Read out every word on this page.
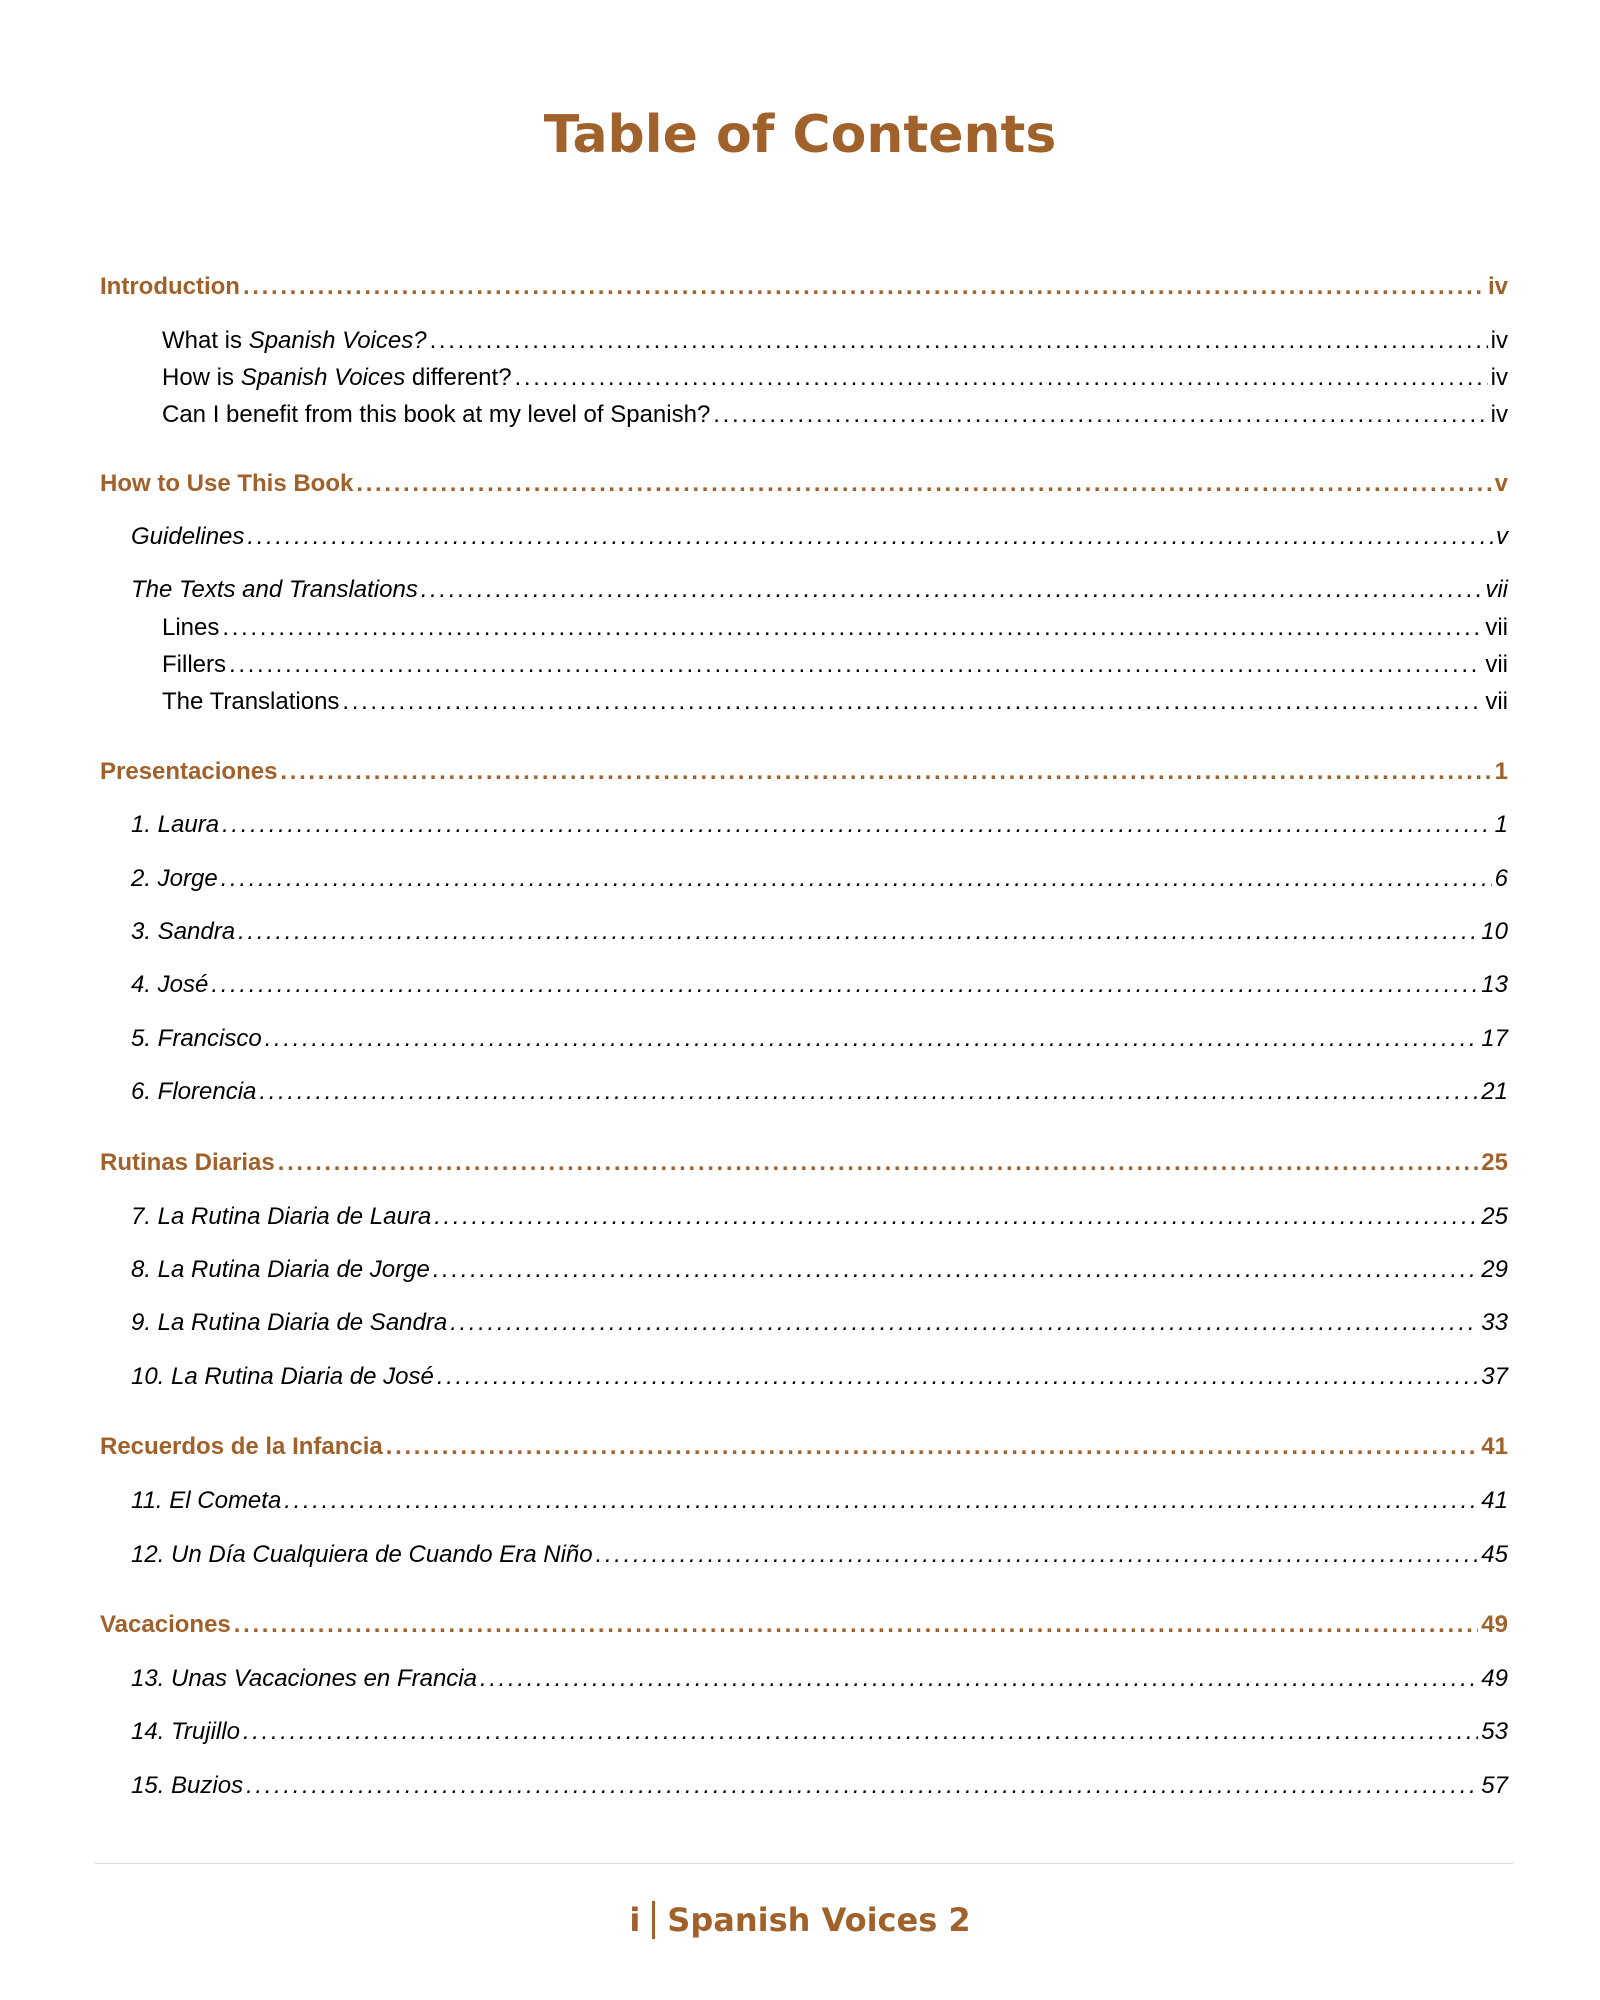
Table of Contents
Introduction . . .	iv
What is Spanish Voices? . . .	iv
How is Spanish Voices different? . . .	iv
Can I benefit from this book at my level of Spanish? . . .	iv
How to Use This Book . . .	v
Guidelines . . .	v
The Texts and Translations . . .	vii
Lines . . .	vii
Fillers . . .	vii
The Translations . . .	vii
Presentaciones . . .	1
1. Laura . . .	1
2. Jorge . . .	6
3. Sandra . . .	10
4. José . . .	13
5. Francisco . . .	17
6. Florencia . . .	21
Rutinas Diarias . . .	25
7. La Rutina Diaria de Laura . . .	25
8. La Rutina Diaria de Jorge . . .	29
9. La Rutina Diaria de Sandra . . .	33
10. La Rutina Diaria de José . . .	37
Recuerdos de la Infancia . . .	41
11. El Cometa . . .	41
12. Un Día Cualquiera de Cuando Era Niño . . .	45
Vacaciones . . .	49
13. Unas Vacaciones en Francia . . .	49
14. Trujillo . . .	53
15. Buzios . . .	57
i Spanish Voices 2
